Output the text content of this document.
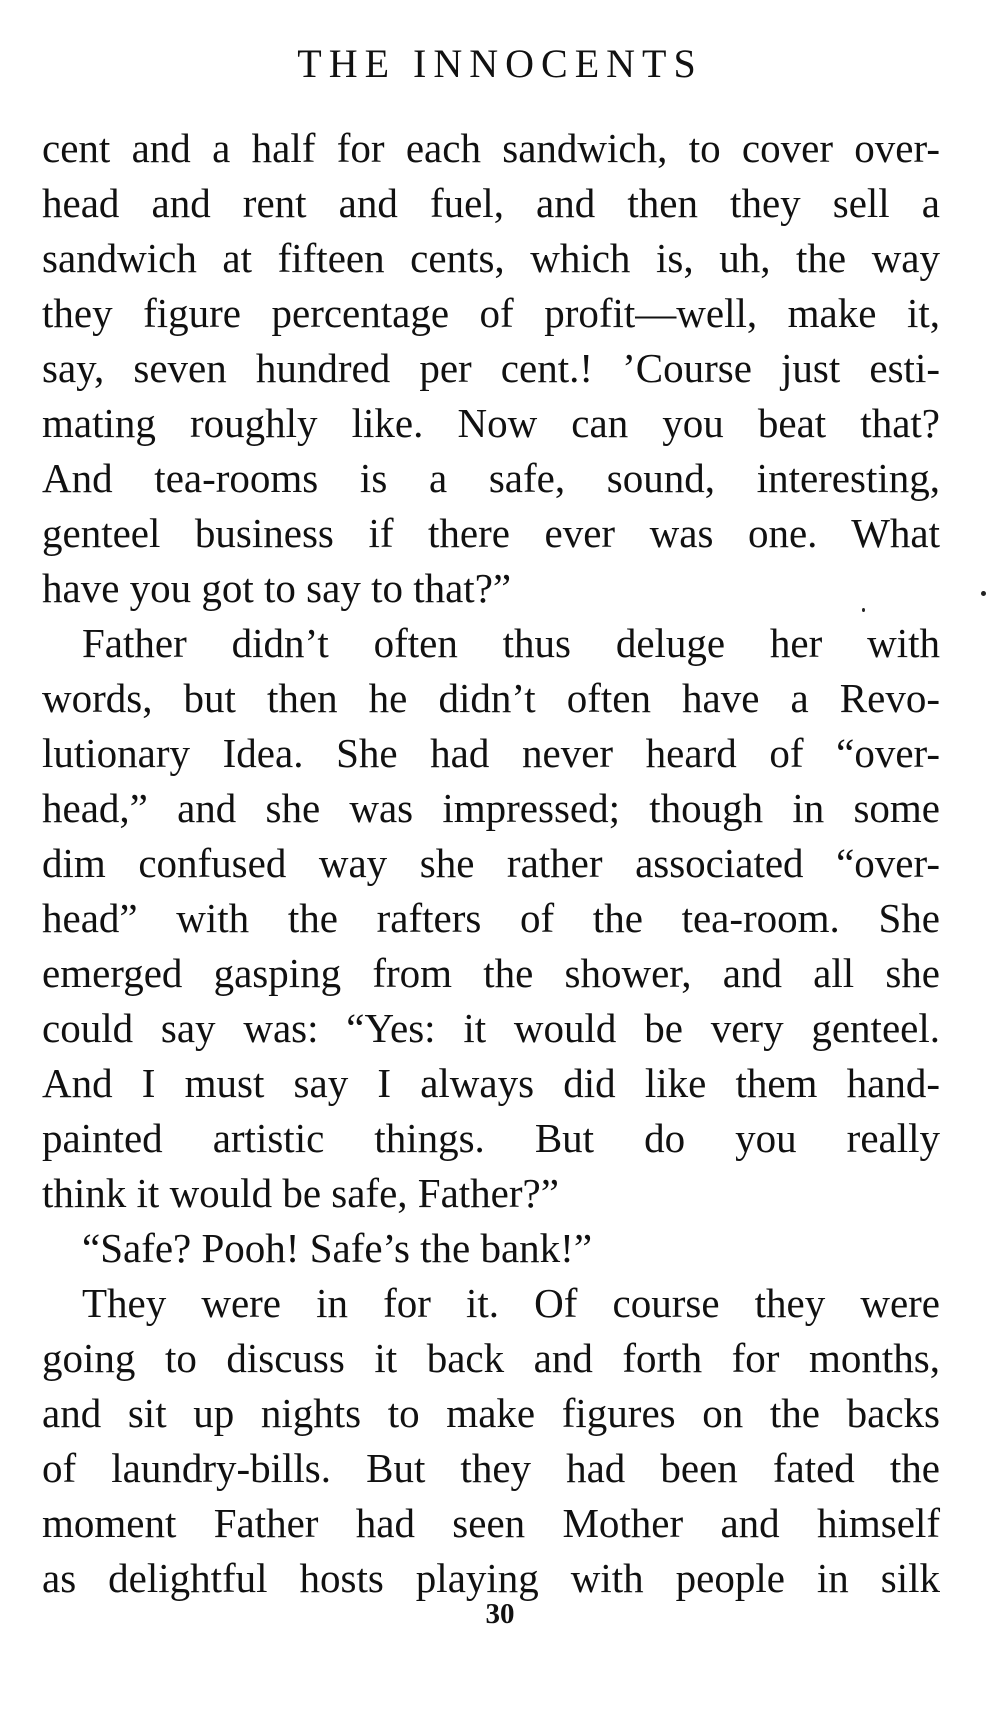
THE INNOCENTS
cent and a half for each sandwich, to cover over-
head and rent and fuel, and then they sell a
sandwich at fifteen cents, which is, uh, the way
they figure percentage of profit—well, make it,
say, seven hundred per cent.! ’Course just esti-
mating roughly like. Now can you beat that?
And tea-rooms is a safe, sound, interesting,
genteel business if there ever was one. What
have you got to say to that?”
Father didn’t often thus deluge her with
words, but then he didn’t often have a Revo-
lutionary Idea. She had never heard of “over-
head,” and she was impressed; though in some
dim confused way she rather associated “over-
head” with the rafters of the tea-room. She
emerged gasping from the shower, and all she
could say was: “Yes: it would be very genteel.
And I must say I always did like them hand-
painted artistic things. But do you really
think it would be safe, Father?”
“Safe? Pooh! Safe’s the bank!”
They were in for it. Of course they were
going to discuss it back and forth for months,
and sit up nights to make figures on the backs
of laundry-bills. But they had been fated the
moment Father had seen Mother and himself
as delightful hosts playing with people in silk
30
